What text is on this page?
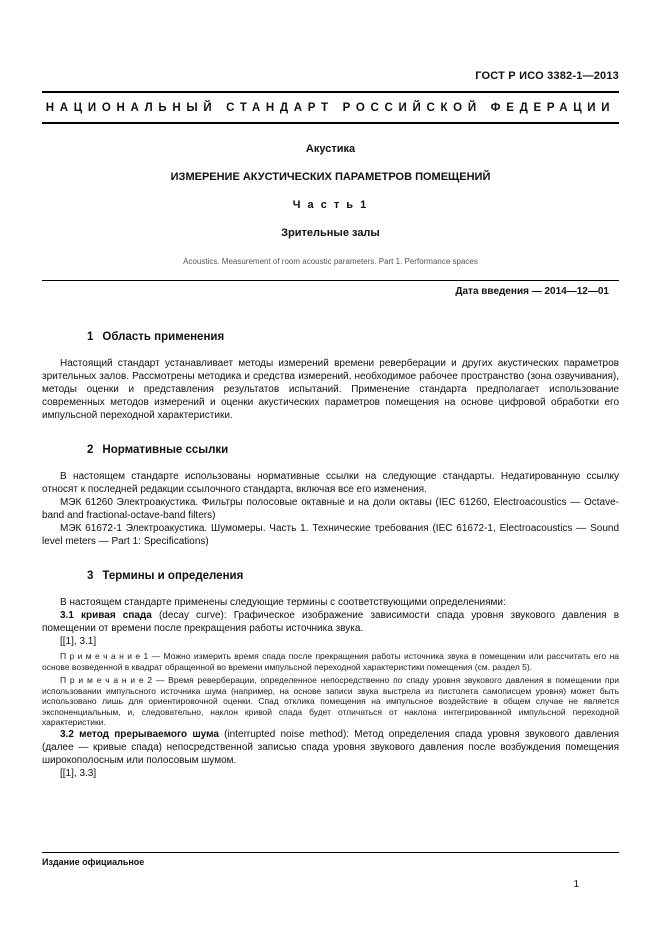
ГОСТ Р ИСО 3382-1—2013
НАЦИОНАЛЬНЫЙ СТАНДАРТ РОССИЙСКОЙ ФЕДЕРАЦИИ
Акустика
ИЗМЕРЕНИЕ АКУСТИЧЕСКИХ ПАРАМЕТРОВ ПОМЕЩЕНИЙ
Ч а с т ь 1
Зрительные залы
Acoustics. Measurement of room acoustic parameters. Part 1. Performance spaces
Дата введения — 2014—12—01
1 Область применения

Настоящий стандарт устанавливает методы измерений времени реверберации и других акустических параметров зрительных залов. Рассмотрены методика и средства измерений, необходимое рабочее пространство (зона озвучивания), методы оценки и представления результатов испытаний. Применение стандарта предполагает использование современных методов измерений и оценки акустических параметров помещения на основе цифровой обработки его импульсной переходной характеристики.

2 Нормативные ссылки

В настоящем стандарте использованы нормативные ссылки на следующие стандарты. Недатированную ссылку относят к последней редакции ссылочного стандарта, включая все его изменения.

МЭК 61260 Электроакустика. Фильтры полосовые октавные и на доли октавы (IEC 61260, Electroacoustics — Octave-band and fractional-octave-band filters)

МЭК 61672-1 Электроакустика. Шумомеры. Часть 1. Технические требования (IEC 61672-1, Electroacoustics — Sound level meters — Part 1: Specifications)

3 Термины и определения

В настоящем стандарте применены следующие термины с соответствующими определениями:

3.1 кривая спада (decay curve): Графическое изображение зависимости спада уровня звукового давления в помещении от времени после прекращения работы источника звука.

[[1], 3.1]

П р и м е ч а н и е 1 — Можно измерить время спада после прекращения работы источника звука в помещении или рассчитать его на основе возведенной в квадрат обращенной во времени импульсной переходной характеристики помещения (см. раздел 5).

П р и м е ч а н и е 2 — Время реверберации, определенное непосредственно по спаду уровня звукового давления в помещении при использовании импульсного источника шума (например, на основе записи звука выстрела из пистолета самописцем уровня) может быть использовано лишь для ориентировочной оценки. Спад отклика помещения на импульсное воздействие в общем случае не является экспоненциальным, и, следовательно, наклон кривой спада будет отличаться от наклона интегрированной импульсной переходной характеристики.

3.2 метод прерываемого шума (interrupted noise method): Метод определения спада уровня звукового давления (далее — кривые спада) непосредственной записью спада уровня звукового давления после возбуждения помещения широкополосным или полосовым шумом.

[[1], 3.3]

Издание официальное
1
